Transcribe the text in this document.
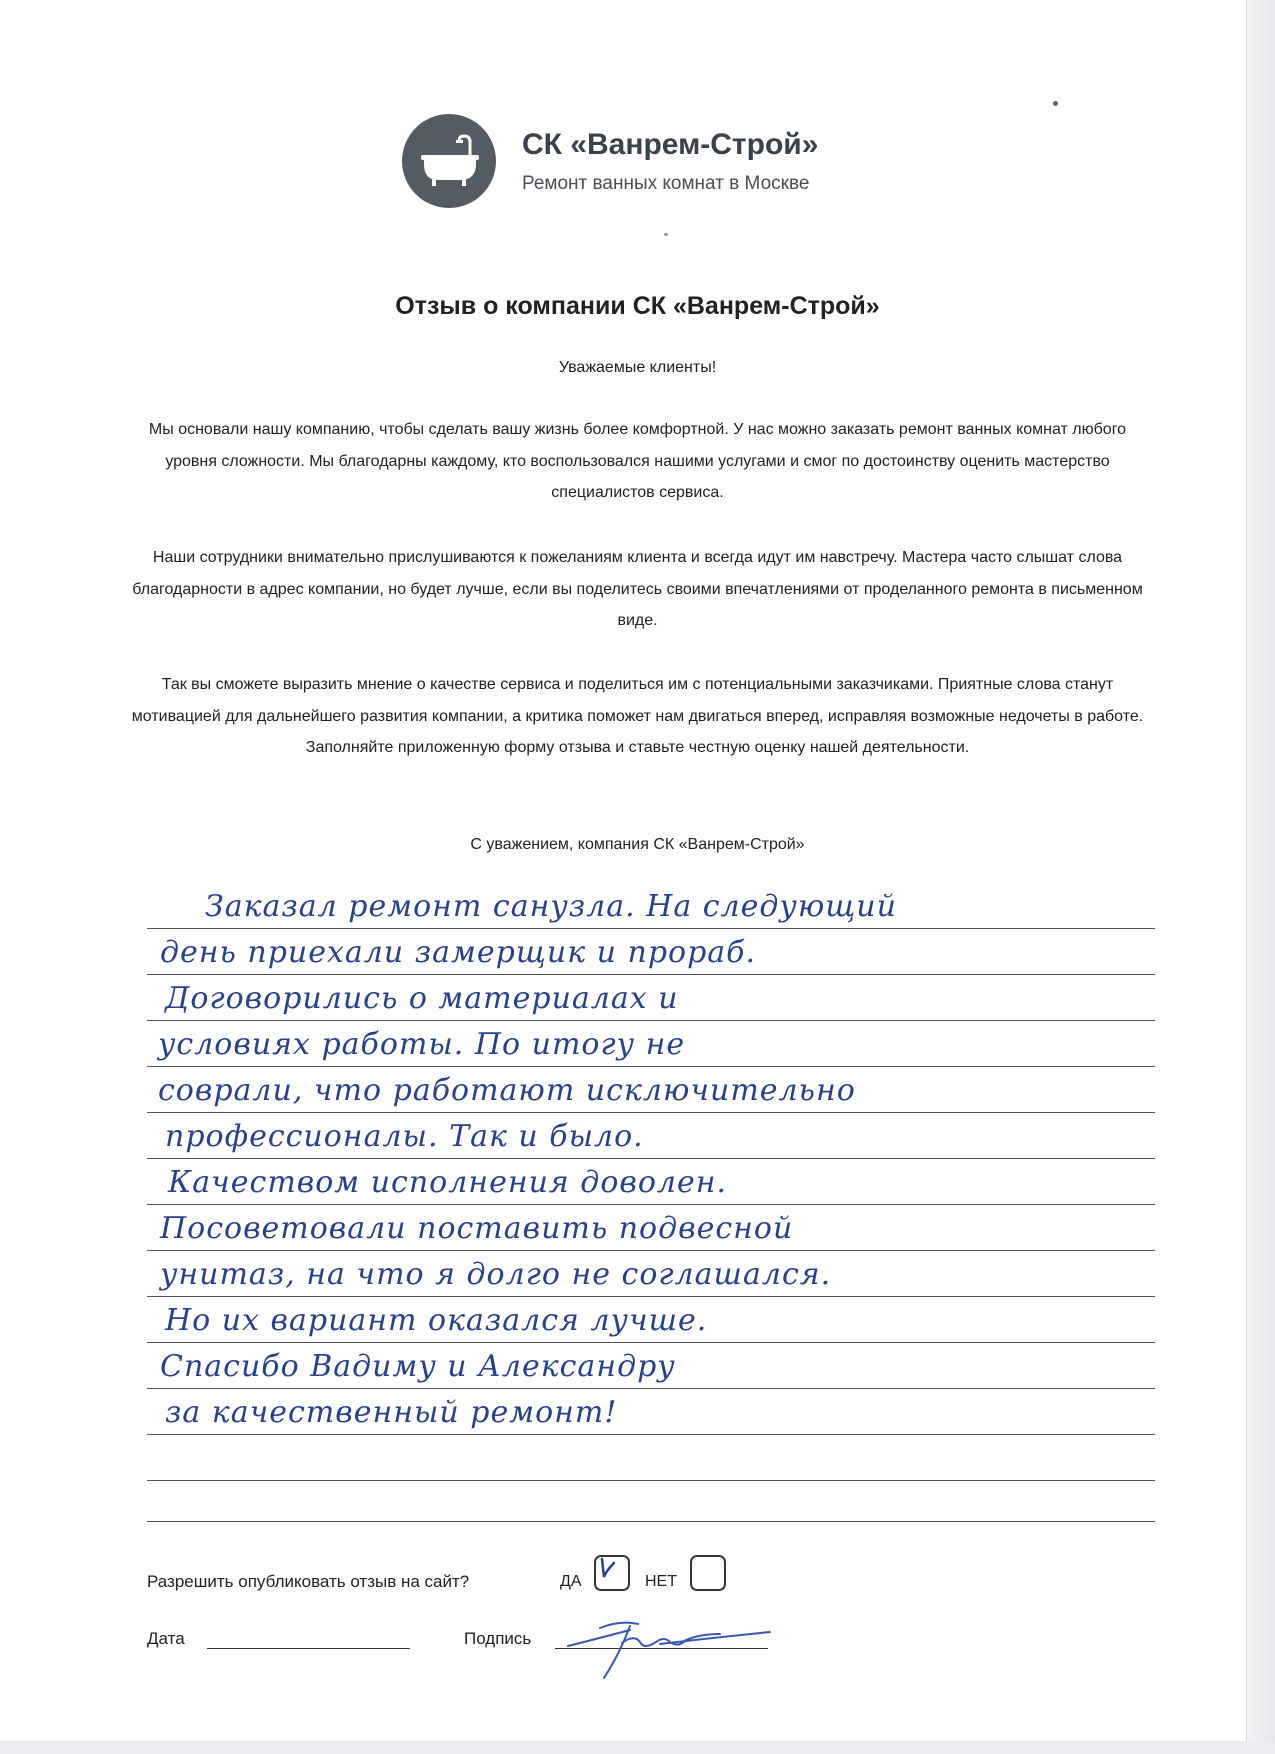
СК «Ванрем-Строй»
Ремонт ванных комнат в Москве
Отзыв о компании СК «Ванрем-Строй»
Уважаемые клиенты!
Мы основали нашу компанию, чтобы сделать вашу жизнь более комфортной. У нас можно заказать ремонт ванных комнат любого уровня сложности. Мы благодарны каждому, кто воспользовался нашими услугами и смог по достоинству оценить мастерство специалистов сервиса.
Наши сотрудники внимательно прислушиваются к пожеланиям клиента и всегда идут им навстречу. Мастера часто слышат слова благодарности в адрес компании, но будет лучше, если вы поделитесь своими впечатлениями от проделанного ремонта в письменном виде.
Так вы сможете выразить мнение о качестве сервиса и поделиться им с потенциальными заказчиками. Приятные слова станут мотивацией для дальнейшего развития компании, а критика поможет нам двигаться вперед, исправляя возможные недочеты в работе. Заполняйте приложенную форму отзыва и ставьте честную оценку нашей деятельности.
С уважением, компания СК «Ванрем-Строй»
Заказал ремонт санузла. На следующий
день приехали замерщик и прораб.
Договорились о материалах и
условиях работы. По итогу не
соврали, что работают исключительно
профессионалы. Так и было.
Качеством исполнения доволен.
Посоветовали поставить подвесной
унитаз, на что я долго не соглашался.
Но их вариант оказался лучше.
Спасибо Вадиму и Александру
за качественный ремонт!
Разрешить опубликовать отзыв на сайт?	ДА	НЕТ
Дата	Подпись
